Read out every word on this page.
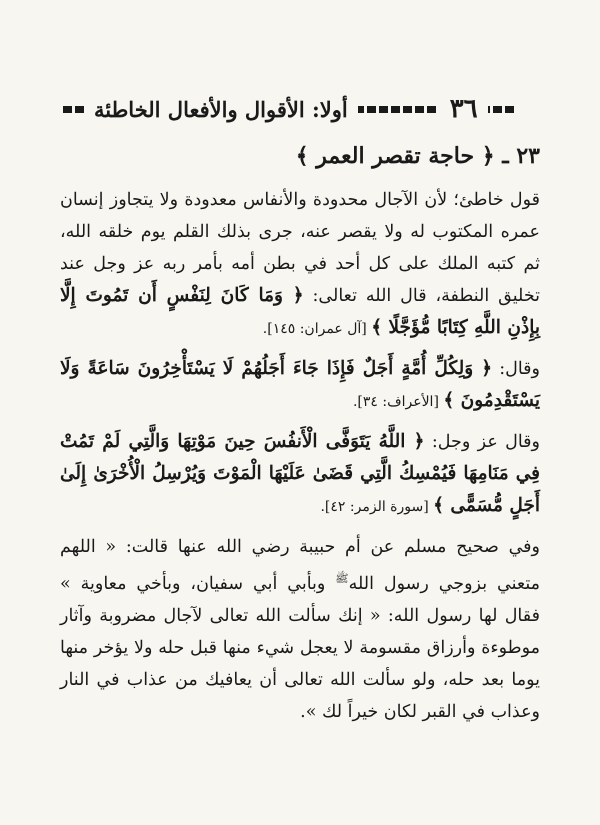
٣٦
أولا: الأقوال والأفعال الخاطئة
٢٣ ـ ﴿ حاجة تقصر العمر ﴾

قول خاطئ؛ لأن الآجال محدودة والأنفاس معدودة ولا يتجاوز إنسان عمره المكتوب له ولا يقصر عنه، جرى بذلك القلم يوم خلقه الله، ثم كتبه الملك على كل أحد في بطن أمه بأمر ربه عز وجل عند تخليق النطفة، قال الله تعالى: ﴿ وَمَا كَانَ لِنَفْسٍ أَن تَمُوتَ إِلَّا بِإِذْنِ اللَّهِ كِتَابًا مُّؤَجَّلًا ﴾ [آل عمران: ١٤٥].

وقال: ﴿ وَلِكُلِّ أُمَّةٍ أَجَلٌ فَإِذَا جَاءَ أَجَلُهُمْ لَا يَسْتَأْخِرُونَ سَاعَةً وَلَا يَسْتَقْدِمُونَ ﴾ [الأعراف: ٣٤].

وقال عز وجل: ﴿ اللَّهُ يَتَوَفَّى الْأَنفُسَ حِينَ مَوْتِهَا وَالَّتِي لَمْ تَمُتْ فِي مَنَامِهَا فَيُمْسِكُ الَّتِي قَضَىٰ عَلَيْهَا الْمَوْتَ وَيُرْسِلُ الْأُخْرَىٰ إِلَىٰ أَجَلٍ مُّسَمًّى ﴾ [سورة الزمر: ٤٢].

وفي صحيح مسلم عن أم حبيبة رضي الله عنها قالت: « اللهم متعني بزوجي رسول الله$^ﷺ$ وبأبي أبي سفيان، وبأخي معاوية » فقال لها رسول الله: « إنك سألت الله تعالى لآجال مضروبة وآثار موطوءة وأرزاق مقسومة لا يعجل شيء منها قبل حله ولا يؤخر منها يوما بعد حله، ولو سألت الله تعالى أن يعافيك من عذاب في النار وعذاب في القبر لكان خيراً لك ».
